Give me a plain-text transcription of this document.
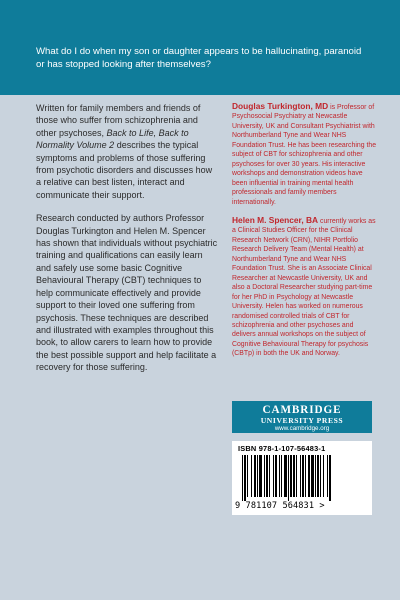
What do I do when my son or daughter appears to be hallucinating, paranoid or has stopped looking after themselves?

Written for family members and friends of those who suffer from schizophrenia and other psychoses, Back to Life, Back to Normality Volume 2 describes the typical symptoms and problems of those suffering from psychotic disorders and discusses how a relative can best listen, interact and communicate their support.

Research conducted by authors Professor Douglas Turkington and Helen M. Spencer has shown that individuals without psychiatric training and qualifications can easily learn and safely use some basic Cognitive Behavioural Therapy (CBT) techniques to help communicate effectively and provide support to their loved one suffering from psychosis. These techniques are described and illustrated with examples throughout this book, to allow carers to learn how to provide the best possible support and help facilitate a recovery for those suffering.

Douglas Turkington, MD is Professor of Psychosocial Psychiatry at Newcastle University, UK and Consultant Psychiatrist with Northumberland Tyne and Wear NHS Foundation Trust. He has been researching the subject of CBT for schizophrenia and other psychoses for over 30 years. His interactive workshops and demonstration videos have been influential in training mental health professionals and family members internationally.

Helen M. Spencer, BA currently works as a Clinical Studies Officer for the Clinical Research Network (CRN), NIHR Portfolio Research Delivery Team (Mental Health) at Northumberland Tyne and Wear NHS Foundation Trust. She is an Associate Clinical Researcher at Newcastle University, UK and also a Doctoral Researcher studying part-time for her PhD in Psychology at Newcastle University. Helen has worked on numerous randomised controlled trials of CBT for schizophrenia and other psychoses and delivers annual workshops on the subject of Cognitive Behavioural Therapy for psychosis (CBTp) in both the UK and Norway.

CAMBRIDGE
UNIVERSITY PRESS
www.cambridge.org
ISBN 978-1-107-56483-1
9 781107 564831 >
